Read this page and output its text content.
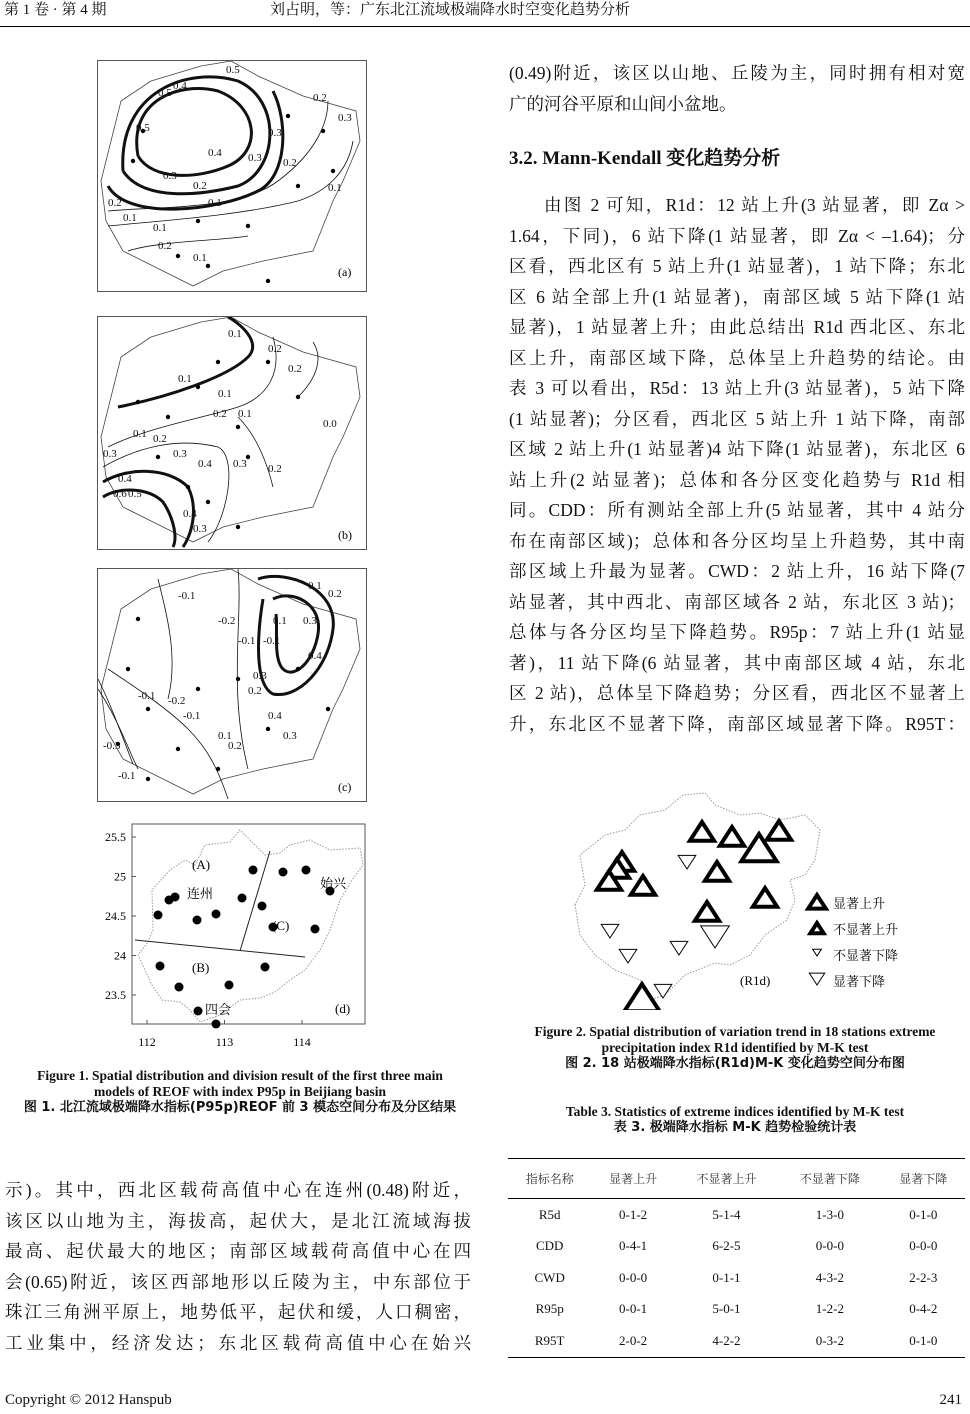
第 1 卷 · 第 4 期	刘占明，等：广东北江流域极端降水时空变化趋势分析
0.5
0.4
0.2
0.3
0.5
0.5	0.3
0.4 0.3 0.2
0.1
0.3
0.2
0.1
0.2
0.1
0.1
0.2
0.1
(a)
0.1
0.2
0.2
0.1
0.1
0.2 0.1
0.0
0.1 0.2
0.3
0.4 0.3 0.2
0.3
0.4
0.5
0.6
0.4
0.3	(b)
-0.1
-0.2
-0.1 -0.1
0.1
0.1
0.2
0.3
0.4
0.2
0.3
0.4
0.3
-0.1 -0.2
-0.1
0.1
0.2
-0.3
-0.1
(c)
25.5
25
24.5
24
23.5
112	113	114
(A)
(B)
(C)
连州
始兴
四会	(d)
Figure 1. Spatial distribution and division result of the first three main models of REOF with index P95p in Beijiang basin
图 1. 北江流域极端降水指标(P95p)REOF 前 3 模态空间分布及分区结果
示)。其中，西北区载荷高值中心在连州(0.48)附近，
该区以山地为主，海拔高，起伏大，是北江流域海拔
最高、起伏最大的地区；南部区域载荷高值中心在四
会(0.65)附近，该区西部地形以丘陵为主，中东部位于
珠江三角洲平原上，地势低平，起伏和缓，人口稠密，
工业集中，经济发达；东北区载荷高值中心在始兴
(0.49)附近，该区以山地、丘陵为主，同时拥有相对宽
广的河谷平原和山间小盆地。
3.2. Mann-Kendall 变化趋势分析
由图 2 可知，R1d：12 站上升(3 站显著，即 Zα >
1.64，下同)，6 站下降(1 站显著，即 Zα < –1.64)；分
区看，西北区有 5 站上升(1 站显著)，1 站下降；东北
区 6 站全部上升(1 站显著)，南部区域 5 站下降(1 站
显著)，1 站显著上升；由此总结出 R1d 西北区、东北
区上升，南部区域下降，总体呈上升趋势的结论。由
表 3 可以看出，R5d：13 站上升(3 站显著)，5 站下降
(1 站显著)；分区看，西北区 5 站上升 1 站下降，南部
区域 2 站上升(1 站显著)4 站下降(1 站显著)，东北区 6
站上升(2 站显著)；总体和各分区变化趋势与 R1d 相
同。CDD：所有测站全部上升(5 站显著，其中 4 站分
布在南部区域)；总体和各分区均呈上升趋势，其中南
部区域上升最为显著。CWD：2 站上升，16 站下降(7
站显著，其中西北、南部区域各 2 站，东北区 3 站)；
总体与各分区均呈下降趋势。R95p：7 站上升(1 站显
著)，11 站下降(6 站显著，其中南部区域 4 站，东北
区 2 站)，总体呈下降趋势；分区看，西北区不显著上
升，东北区不显著下降，南部区域显著下降。R95T：
(R1d)
显著上升
不显著上升
不显著下降
显著下降
Figure 2. Spatial distribution of variation trend in 18 stations extreme precipitation index R1d identified by M-K test
图 2. 18 站极端降水指标(R1d)M-K 变化趋势空间分布图
Table 3. Statistics of extreme indices identified by M-K test
表 3. 极端降水指标 M-K 趋势检验统计表
指标名称	显著上升	不显著上升	不显著下降	显著下降
R5d	0-1-2	5-1-4	1-3-0	0-1-0
CDD	0-4-1	6-2-5	0-0-0	0-0-0
CWD	0-0-0	0-1-1	4-3-2	2-2-3
R95p	0-0-1	5-0-1	1-2-2	0-4-2
R95T	2-0-2	4-2-2	0-3-2	0-1-0
Copyright © 2012 Hanspub	241
